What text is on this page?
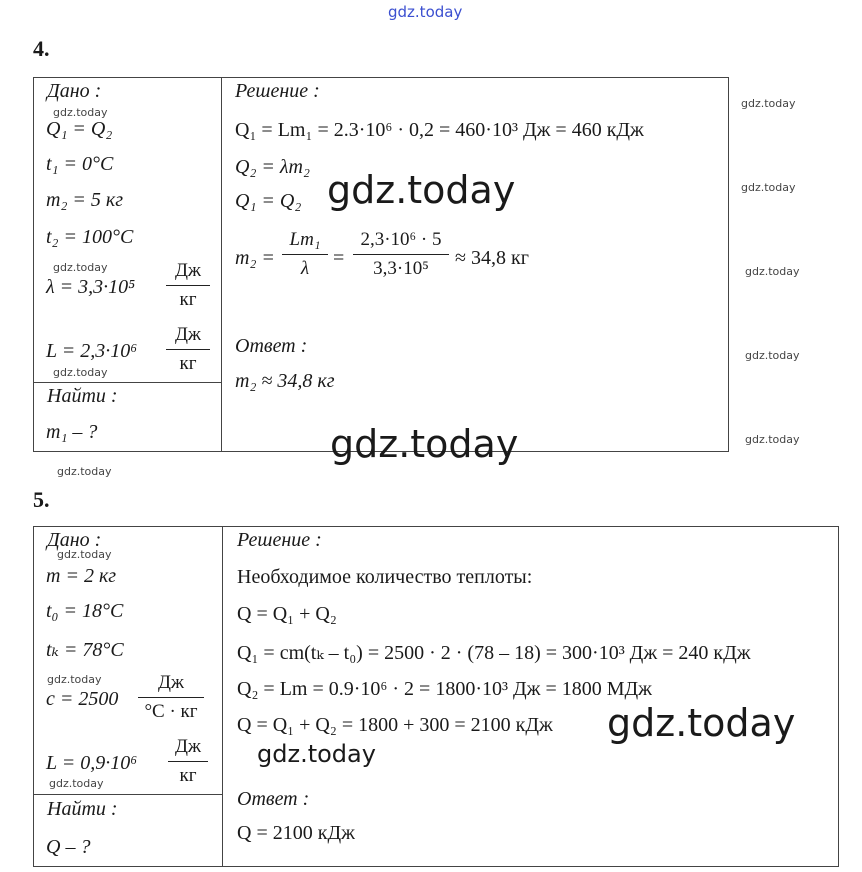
gdz.today
4.
Дано :
Q₁ = Q₂
t₁ = 0°C
m₂ = 5 кг
t₂ = 100°C
λ = 3,3·10⁵
Дж
кг
L = 2,3·10⁶
Дж
кг
Найти :
m₁ – ?
Решение :
Q₁ = Lm₁ = 2.3·10⁶ · 0,2 = 460·10³ Дж = 460 кДж
Q₂ = λm₂
Q₁ = Q₂
m₂ =
Lm₁
λ	=
2,3·10⁶ · 5
3,3·10⁵	≈ 34,8 кг
Ответ :
m₂ ≈ 34,8 кг
gdz.today
gdz.today
gdz.today
gdz.today
gdz.today
gdz.today
gdz.today
gdz.today
gdz.today
gdz.today
gdz.today
5.
Дано :
m = 2 кг
t₀ = 18°C
tₖ = 78°C
c = 2500
Дж
°C · кг
L = 0,9·10⁶
Дж
кг
Найти :
Q – ?
Решение :
Необходимое количество теплоты:
Q = Q₁ + Q₂
Q₁ = cm(tₖ – t₀) = 2500 · 2 · (78 – 18) = 300·10³ Дж = 240 кДж
Q₂ = Lm = 0.9·10⁶ · 2 = 1800·10³ Дж = 1800 МДж
Q = Q₁ + Q₂ = 1800 + 300 = 2100 кДж
Ответ :
Q = 2100 кДж
gdz.today
gdz.today
gdz.today
gdz.today
gdz.today
